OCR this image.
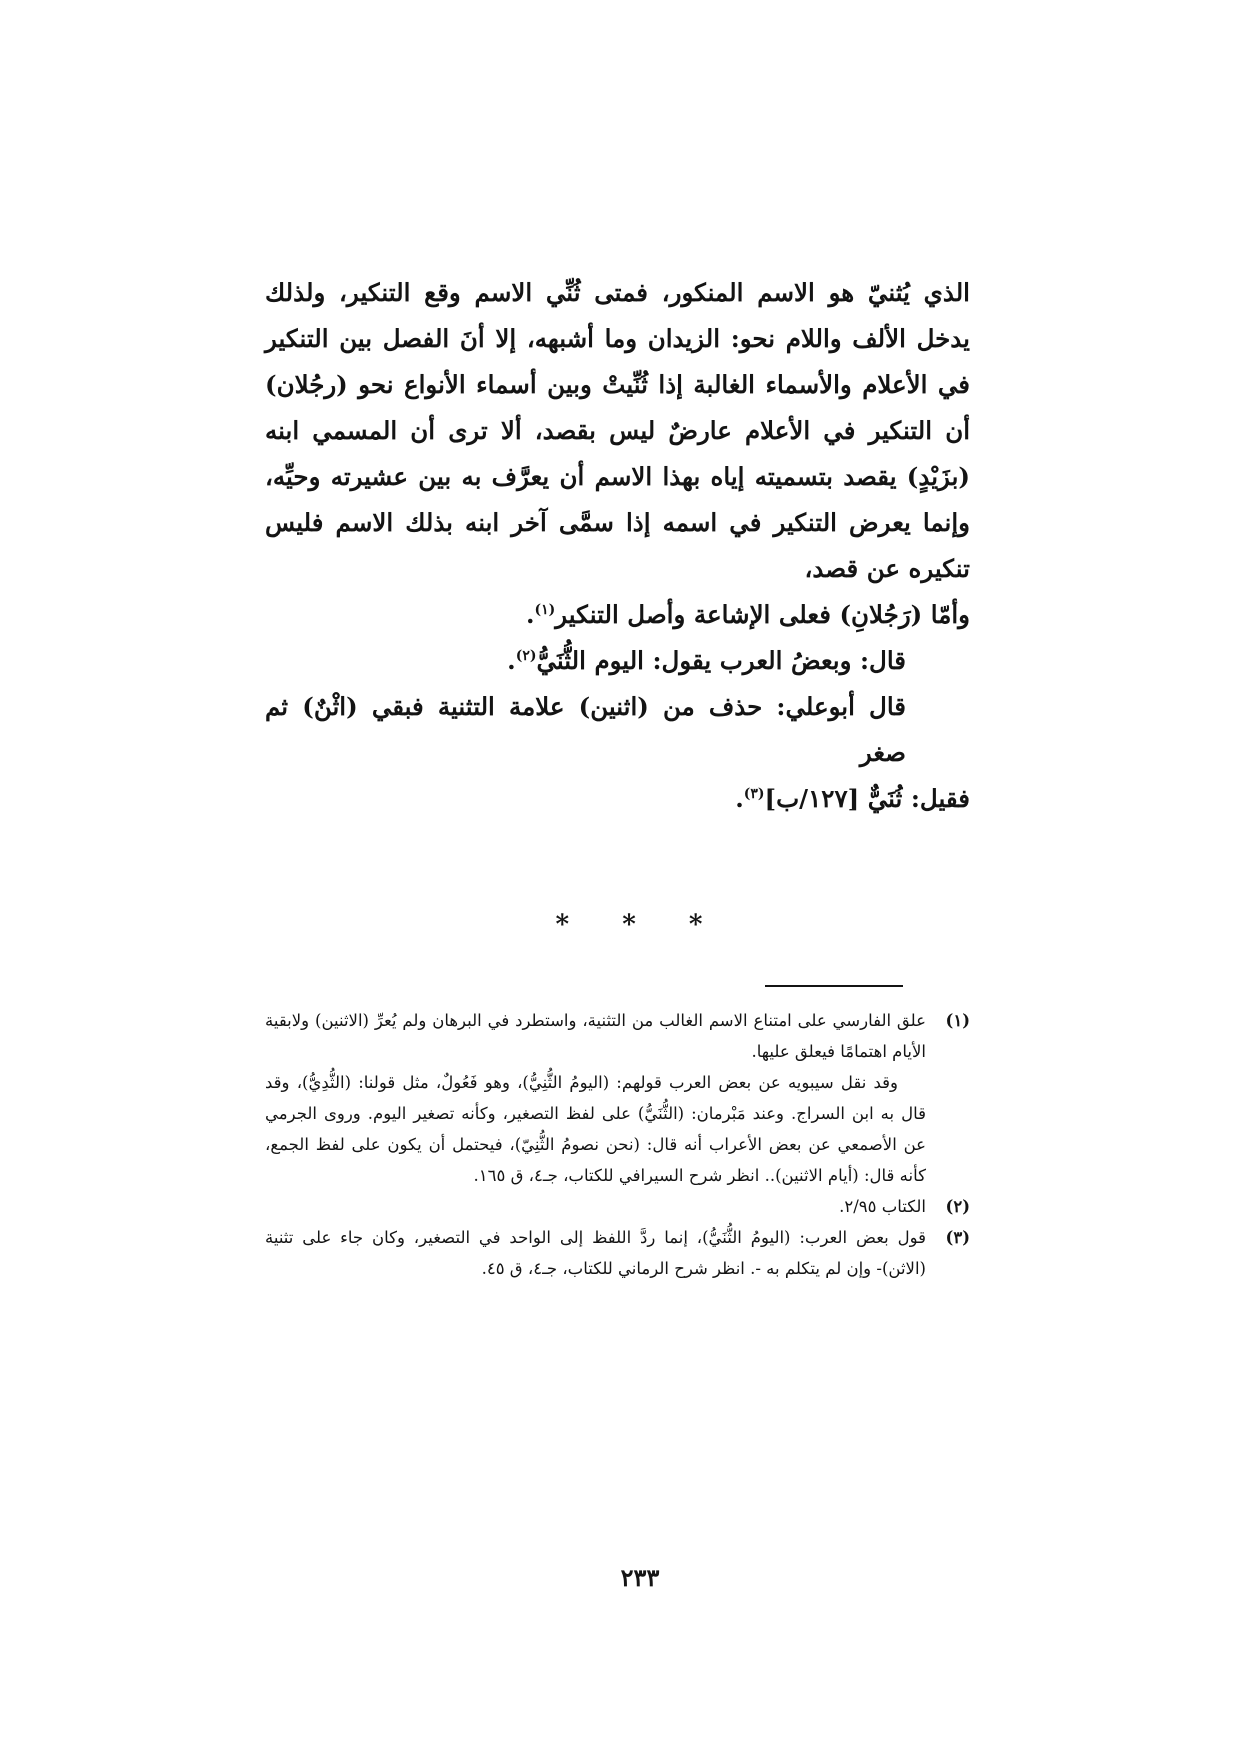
الذي يُثنيّ هو الاسم المنكور، فمتى ثُنِّي الاسم وقع التنكير، ولذلك يدخل الألف واللام نحو: الزيدان وما أشبهه، إلا أنَ الفصل بين التنكير في الأعلام والأسماء الغالبة إذا ثُنِّيتْ وبين أسماء الأنواع نحو (رجُلان) أن التنكير في الأعلام عارضٌ ليس بقصد، ألا ترى أن المسمي ابنه (بزَيْدٍ) يقصد بتسميته إياه بهذا الاسم أن يعرَّف به بين عشيرته وحيِّه، وإنما يعرض التنكير في اسمه إذا سمَّى آخر ابنه بذلك الاسم فليس تنكيره عن قصد،

وأمّا (رَجُلانِ) فعلى الإشاعة وأصل التنكير$^{(١)}$.

قال: وبعضُ العرب يقول: اليوم الثُّنَيُّ$^{(٢)}$.

قال أبوعلي: حذف من (اثنين) علامة التثنية فبقي (اثْنٌ) ثم صغر

فقيل: ثُنَيٌّ [١٢٧/ب]$^{(٣)}$.

* * *
(١)

علق الفارسي على امتناع الاسم الغالب من التثنية، واستطرد في البرهان ولم يُعرِّ (الاثنين) ولابقية الأيام اهتمامًا فيعلق عليها.

وقد نقل سيبويه عن بعض العرب قولهم: (اليومُ الثُّنِيُّ)، وهو فَعُولٌ، مثل قولنا: (الثُّدِيُّ)، وقد قال به ابن السراج. وعند مَبْرمان: (الثُّنَيُّ) على لفظ التصغير، وكأنه تصغير اليوم. وروى الجرمي عن الأصمعي عن بعض الأعراب أنه قال: (نحن نصومُ الثُّنِيّ)، فيحتمل أن يكون على لفظ الجمع، كأنه قال: (أيام الاثنين).. انظر شرح السيرافي للكتاب، جـ٤، ق ١٦٥.

(٢)

الكتاب ٢/٩٥.

(٣)

قول بعض العرب: (اليومُ الثُّنَيُّ)، إنما ردَّ اللفظ إلى الواحد في التصغير، وكان جاء على تثنية (الاثن)- وإن لم يتكلم به -. انظر شرح الرماني للكتاب، جـ٤، ق ٤٥.

٢٣٣
